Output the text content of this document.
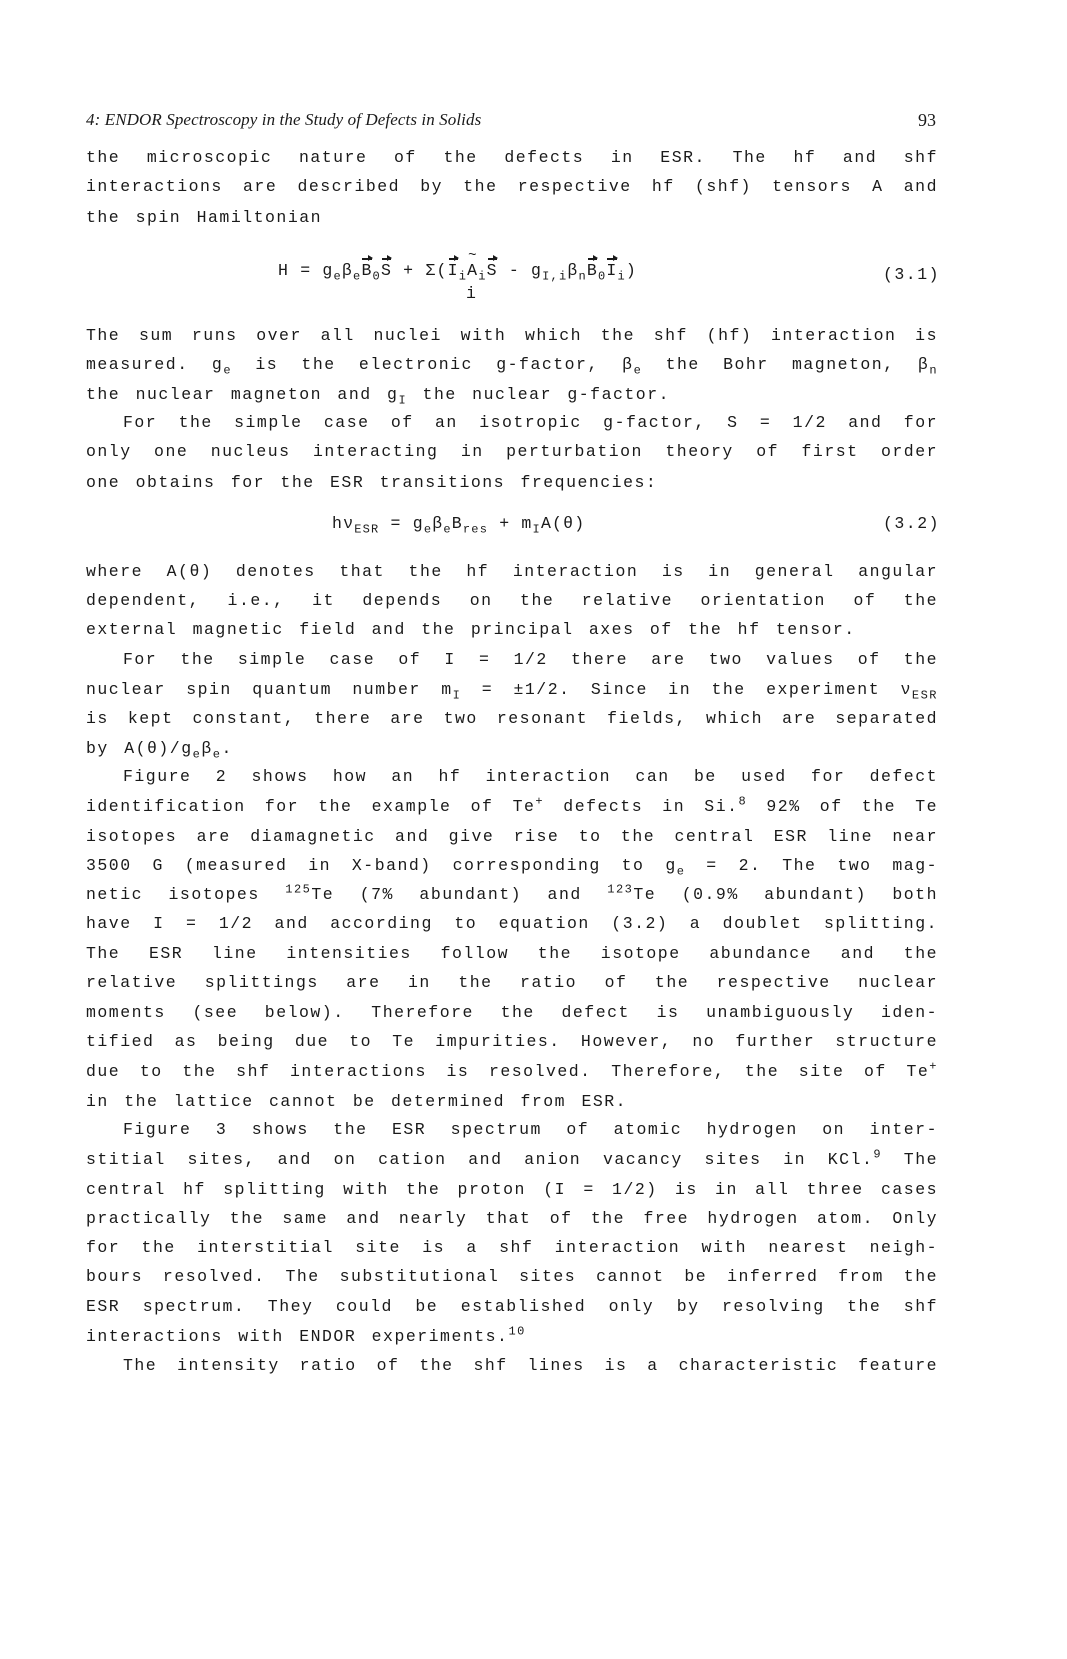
4: ENDOR Spectroscopy in the Study of Defects in Solids	93
the microscopic nature of the defects in ESR. The hf and shf
interactions are described by the respective hf (shf) tensors A and
the spin Hamiltonian
$H = g_e\beta_eB_0S$ + $\Sigma(I_i\sim$ $A_iS - g_{I,i}\beta_nB_0I_i$)
i
(3.1)
The sum runs over all nuclei with which the shf (hf) interaction is
measured. $g_e$ is the electronic g-factor, $\beta_e$ the Bohr magneton, $\beta_n$
the nuclear magneton and $g_I$ the nuclear g-factor.
For the simple case of an isotropic g-factor, S = 1/2 and for
only one nucleus interacting in perturbation theory of first order
one obtains for the ESR transitions frequencies:
$h\nu_{ESR} = g_e\beta_eB_{res} + m_IA(\theta)$	(3.2)
where A(θ) denotes that the hf interaction is in general angular
dependent, i.e., it depends on the relative orientation of the
external magnetic field and the principal axes of the hf tensor.
For the simple case of I = 1/2 there are two values of the
nuclear spin quantum number $m_I = \pm 1/2$. Since in the experiment $\nu_{ESR}$
is kept constant, there are two resonant fields, which are separated
by $A(\theta)/g_e\beta_e$.
Figure 2 shows how an hf interaction can be used for defect
identification for the example of Te+ defects in Si.$^8$ 92% of the Te
isotopes are diamagnetic and give rise to the central ESR line near
3500 G (measured in X-band) corresponding to $g_e = 2$. The two mag-
netic isotopes $^{125}$Te (7% abundant) and $^{123}$Te (0.9% abundant) both
have I = 1/2 and according to equation (3.2) a doublet splitting.
The ESR line intensities follow the isotope abundance and the
relative splittings are in the ratio of the respective nuclear
moments (see below). Therefore the defect is unambiguously iden-
tified as being due to Te impurities. However, no further structure
due to the shf interactions is resolved. Therefore, the site of Te+
in the lattice cannot be determined from ESR.
Figure 3 shows the ESR spectrum of atomic hydrogen on inter-
stitial sites, and on cation and anion vacancy sites in KCl.$^9$ The
central hf splitting with the proton (I = 1/2) is in all three cases
practically the same and nearly that of the free hydrogen atom. Only
for the interstitial site is a shf interaction with nearest neigh-
bours resolved. The substitutional sites cannot be inferred from the
ESR spectrum. They could be established only by resolving the shf
interactions with ENDOR experiments.$^{10}$
The intensity ratio of the shf lines is a characteristic feature
